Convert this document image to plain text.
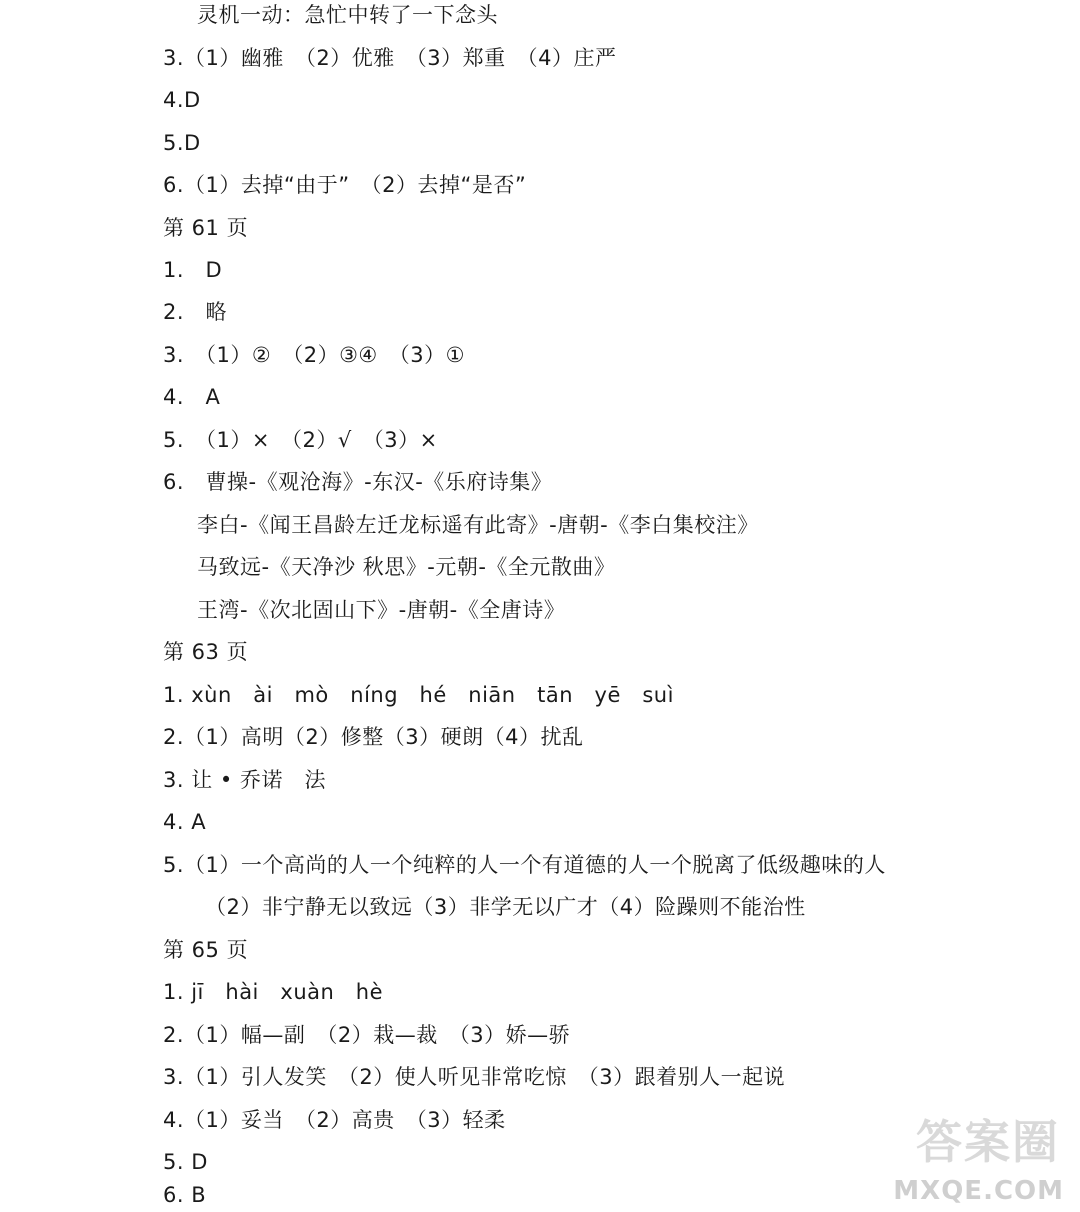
灵机一动：急忙中转了一下念头
3.（1）幽雅　（2）优雅　（3）郑重　（4）庄严
4.D
5.D
6.（1）去掉“由于”　（2）去掉“是否”
第 61 页
1.　D
2.　略
3.　（1）②　（2）③④　（3）①
4.　A
5.　（1）×　（2）√　（3）×
6.　曹操-《观沧海》-东汉-《乐府诗集》
李白-《闻王昌龄左迁龙标遥有此寄》-唐朝-《李白集校注》
马致远-《天净沙 秋思》-元朝-《全元散曲》
王湾-《次北固山下》-唐朝-《全唐诗》
第 63 页
1. xùn　ài　mò　níng　hé　niān　tān　yē　suì
2.（1）高明（2）修整（3）硬朗（4）扰乱
3. 让 • 乔诺　法
4. A
5.（1）一个高尚的人一个纯粹的人一个有道德的人一个脱离了低级趣味的人
（2）非宁静无以致远（3）非学无以广才（4）险躁则不能治性
第 65 页
1. jī　hài　xuàn　hè
2.（1）幅—副　（2）栽—裁　（3）娇—骄
3.（1）引人发笑　（2）使人听见非常吃惊　（3）跟着别人一起说
4.（1）妥当　（2）高贵　（3）轻柔
5. D
6. B
答案圈
MXQE.COM
